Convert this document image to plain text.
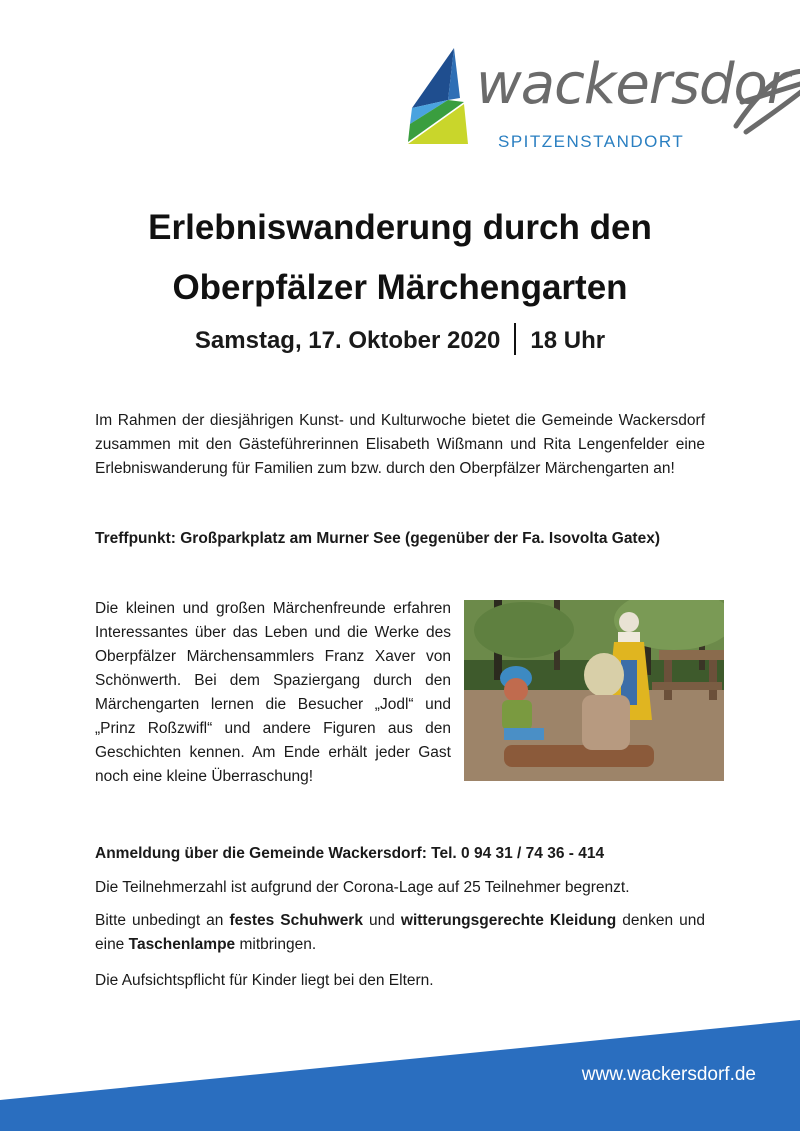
wackersdor
SPITZENSTANDORT
Erlebniswanderung durch den
Oberpfälzer Märchengarten
Samstag, 17. Oktober 2020 18 Uhr
Im Rahmen der diesjährigen Kunst- und Kulturwoche bietet die Gemeinde Wackersdorf zusammen mit den Gästeführerinnen Elisabeth Wißmann und Rita Lengenfelder eine Erlebniswanderung für Familien zum bzw. durch den Oberpfälzer Märchengarten an!
Treffpunkt: Großparkplatz am Murner See (gegenüber der Fa. Isovolta Gatex)
Die kleinen und großen Märchenfreunde erfahren Interessantes über das Leben und die Werke des Oberpfälzer Märchensammlers Franz Xaver von Schönwerth. Bei dem Spaziergang durch den Märchengarten lernen die Besucher „Jodl“ und „Prinz Roßzwifl“ und andere Figuren aus den Geschichten kennen. Am Ende erhält jeder Gast noch eine kleine Überraschung!
Anmeldung über die Gemeinde Wackersdorf: Tel. 0 94 31 / 74 36 - 414
Die Teilnehmerzahl ist aufgrund der Corona-Lage auf 25 Teilnehmer begrenzt.
Bitte unbedingt an festes Schuhwerk und witterungsgerechte Kleidung denken und eine Taschenlampe mitbringen.
Die Aufsichtspflicht für Kinder liegt bei den Eltern.
www.wackersdorf.de
